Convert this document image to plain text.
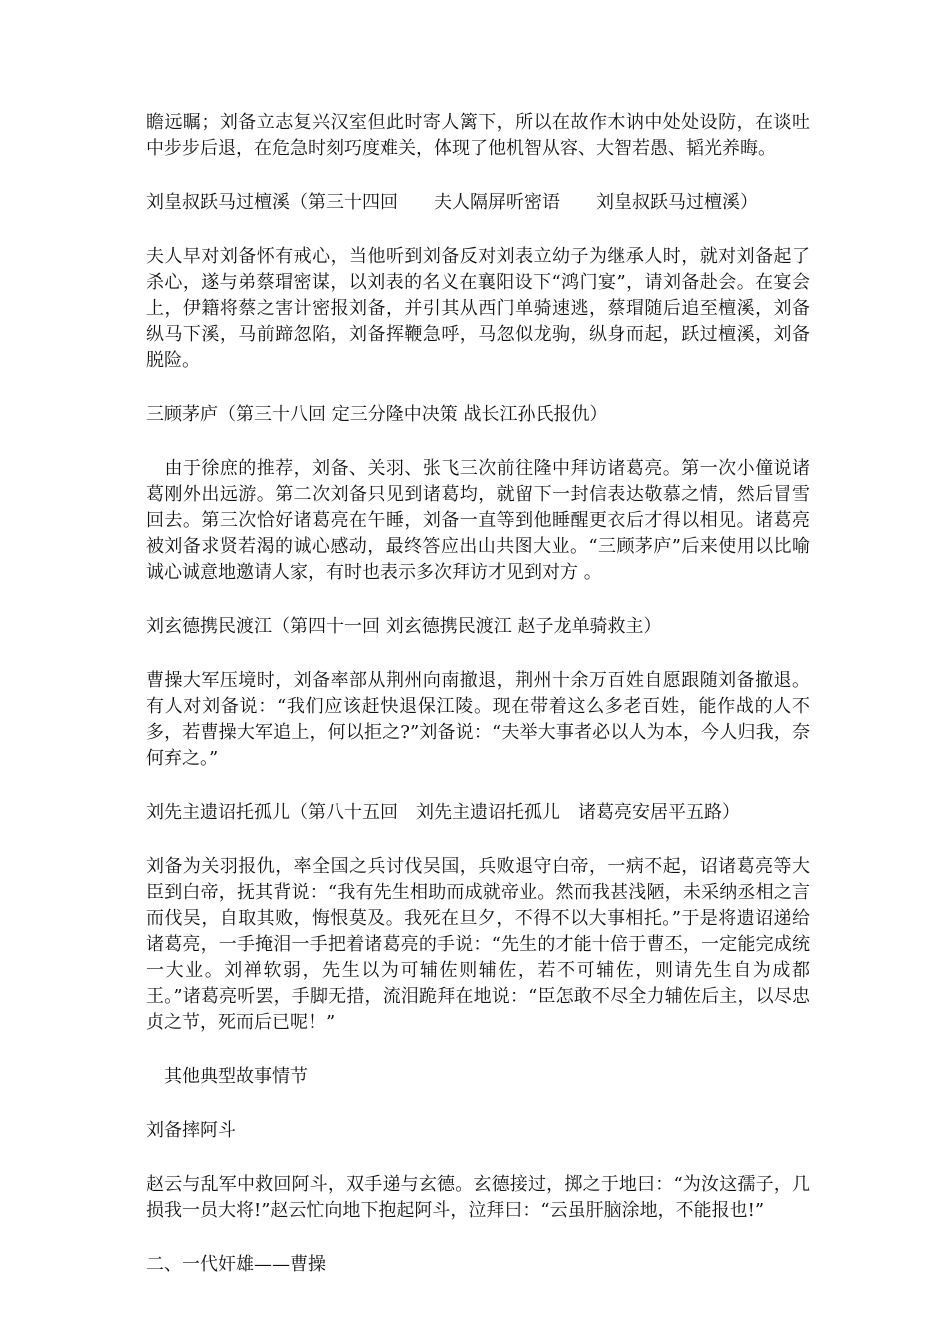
瞻远瞩；刘备立志复兴汉室但此时寄人篱下，所以在故作木讷中处处设防，在谈吐中步步后退，在危急时刻巧度难关，体现了他机智从容、大智若愚、韬光养晦。

刘皇叔跃马过檀溪（第三十四回　　夫人隔屏听密语　　刘皇叔跃马过檀溪）

夫人早对刘备怀有戒心，当他听到刘备反对刘表立幼子为继承人时，就对刘备起了杀心，遂与弟蔡瑁密谋，以刘表的名义在襄阳设下“鸿门宴”，请刘备赴会。在宴会上，伊籍将蔡之害计密报刘备，并引其从西门单骑速逃，蔡瑁随后追至檀溪，刘备纵马下溪，马前蹄忽陷，刘备挥鞭急呼，马忽似龙驹，纵身而起，跃过檀溪，刘备脱险。

三顾茅庐（第三十八回 定三分隆中决策 战长江孙氏报仇）

　由于徐庶的推荐，刘备、关羽、张飞三次前往隆中拜访诸葛亮。第一次小僮说诸葛刚外出远游。第二次刘备只见到诸葛均，就留下一封信表达敬慕之情，然后冒雪回去。第三次恰好诸葛亮在午睡，刘备一直等到他睡醒更衣后才得以相见。诸葛亮被刘备求贤若渴的诚心感动，最终答应出山共图大业。“三顾茅庐”后来使用以比喻诚心诚意地邀请人家，有时也表示多次拜访才见到对方 。

刘玄德携民渡江（第四十一回 刘玄德携民渡江 赵子龙单骑救主）

曹操大军压境时，刘备率部从荆州向南撤退，荆州十余万百姓自愿跟随刘备撤退。有人对刘备说：“我们应该赶快退保江陵。现在带着这么多老百姓，能作战的人不多，若曹操大军追上，何以拒之?”刘备说：“夫举大事者必以人为本，今人归我，奈何弃之。”

刘先主遗诏托孤儿（第八十五回　刘先主遗诏托孤儿　诸葛亮安居平五路）

刘备为关羽报仇，率全国之兵讨伐吴国，兵败退守白帝，一病不起，诏诸葛亮等大臣到白帝，抚其背说：“我有先生相助而成就帝业。然而我甚浅陋，未采纳丞相之言而伐吴，自取其败，悔恨莫及。我死在旦夕，不得不以大事相托。”于是将遗诏递给诸葛亮，一手掩泪一手把着诸葛亮的手说：“先生的才能十倍于曹丕，一定能完成统一大业。刘禅软弱，先生以为可辅佐则辅佐，若不可辅佐，则请先生自为成都王。”诸葛亮听罢，手脚无措，流泪跪拜在地说：“臣怎敢不尽全力辅佐后主，以尽忠贞之节，死而后已呢！”

　其他典型故事情节

刘备摔阿斗

赵云与乱军中救回阿斗，双手递与玄德。玄德接过，掷之于地曰：“为汝这孺子，几损我一员大将!”赵云忙向地下抱起阿斗，泣拜曰：“云虽肝脑涂地，不能报也!”

二、一代奸雄——曹操
